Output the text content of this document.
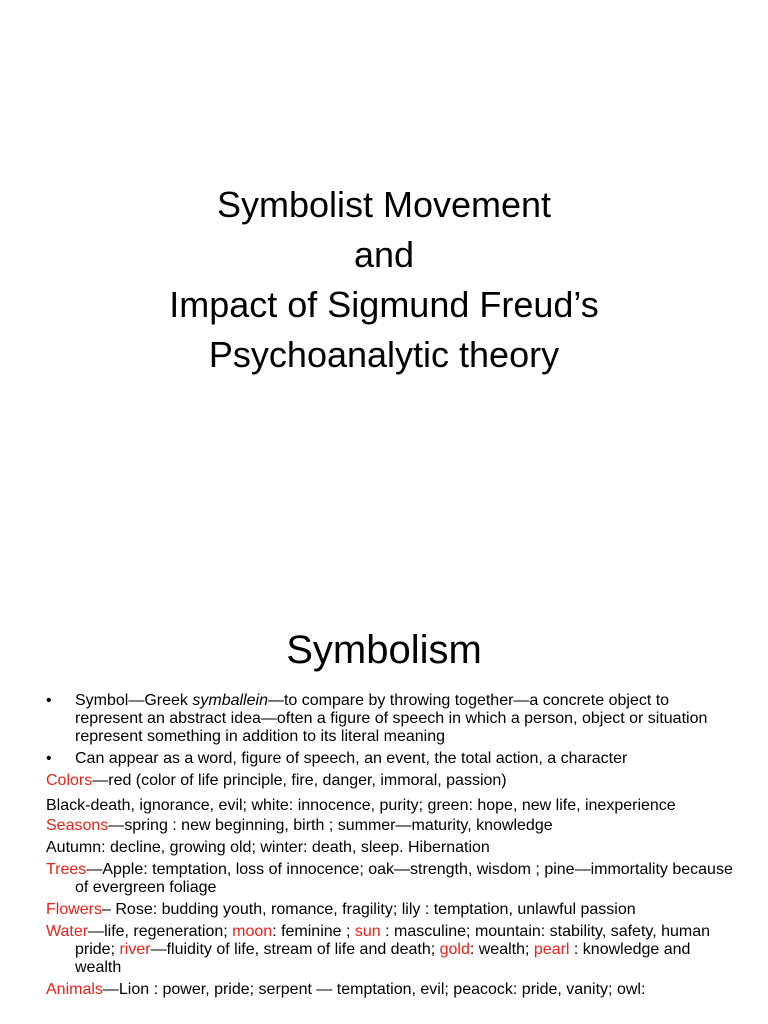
Symbolist Movement
and
Impact of Sigmund Freud’s
Psychoanalytic theory
Symbolism
• Symbol—Greek symballein—to compare by throwing together—a concrete object to represent an abstract idea—often a figure of speech in which a person, object or situation represent something in addition to its literal meaning
• Can appear as a word, figure of speech, an event, the total action, a character
Colors—red (color of life principle, fire, danger, immoral, passion)
Black-death, ignorance, evil; white: innocence, purity; green: hope, new life, inexperience
Seasons—spring : new beginning, birth ; summer—maturity, knowledge
Autumn: decline, growing old; winter: death, sleep. Hibernation
Trees—Apple: temptation, loss of innocence; oak—strength, wisdom ; pine—immortality because of evergreen foliage
Flowers– Rose: budding youth, romance, fragility; lily : temptation, unlawful passion
Water—life, regeneration; moon: feminine ; sun : masculine; mountain: stability, safety, human pride; river—fluidity of life, stream of life and death; gold: wealth; pearl : knowledge and wealth
Animals—Lion : power, pride; serpent — temptation, evil; peacock: pride, vanity; owl:
